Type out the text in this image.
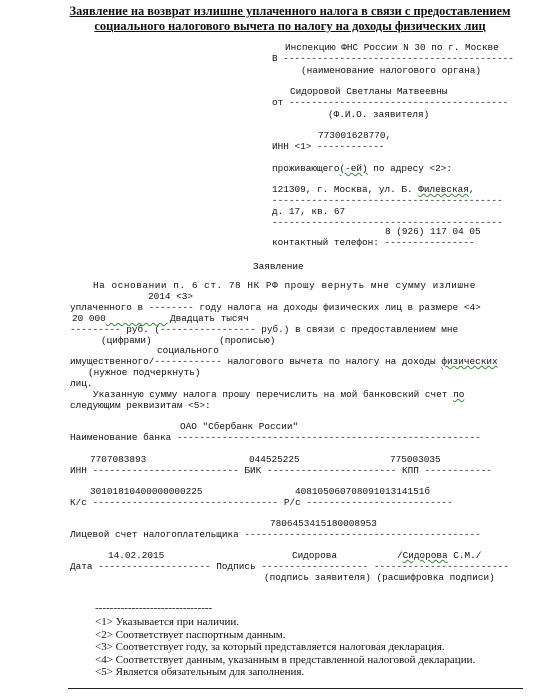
Заявление на возврат излишне уплаченного налога в связи с предоставлением
социального налогового вычета по налогу на доходы физических лиц
Инспекцию ФНС России N 30 по г. Москве
В -----------------------------------------
(наименование налогового органа)
Сидоровой Светланы Матвеевны
от ---------------------------------------
(Ф.И.О. заявителя)
773001628770,
ИНН <1> ------------
проживающего(-ей) по адресу <2>:
121309, г. Москва, ул. Б. Филевская,
-----------------------------------------
д. 17, кв. 67
-----------------------------------------
8 (926) 117 04 05
контактный телефон: ----------------
Заявление
На основании п. 6 ст. 78 НК РФ прошу вернуть мне сумму излишне
2014 <3>
уплаченного в -------- году налога на доходы физических лиц в размере <4>
20 000	Двадцать тысяч
--------- руб. (----------------- руб.) в связи с предоставлением мне
(цифрами)            (прописью)
социального
имущественного/------------ налогового вычета по налогу на доходы физических
(нужное подчеркнуть)
лиц.
Указанную сумму налога прошу перечислить на мой банковский счет по
следующим реквизитам <5>:
ОАО "Сбербанк России"
Наименование банка ------------------------------------------------------
7707083893	044525225	775003035
ИНН -------------------------- БИК ----------------------- КПП ------------
30101810400000000225	40810506070809101314151б
К/с --------------------------------- Р/с --------------------------
7806453415180008953
Лицевой счет налогоплательщика ------------------------------------------
14.02.2015	Сидорова	/Сидорова С.М./
Дата -------------------- Подпись ------------------- ------------------------
(подпись заявителя) (расшифровка подписи)
--------------------------------
<1> Указывается при наличии.
<2> Соответствует паспортным данным.
<3> Соответствует году, за который представляется налоговая декларация.
<4> Соответствует данным, указанным в представленной налоговой декларации.
<5> Является обязательным для заполнения.
